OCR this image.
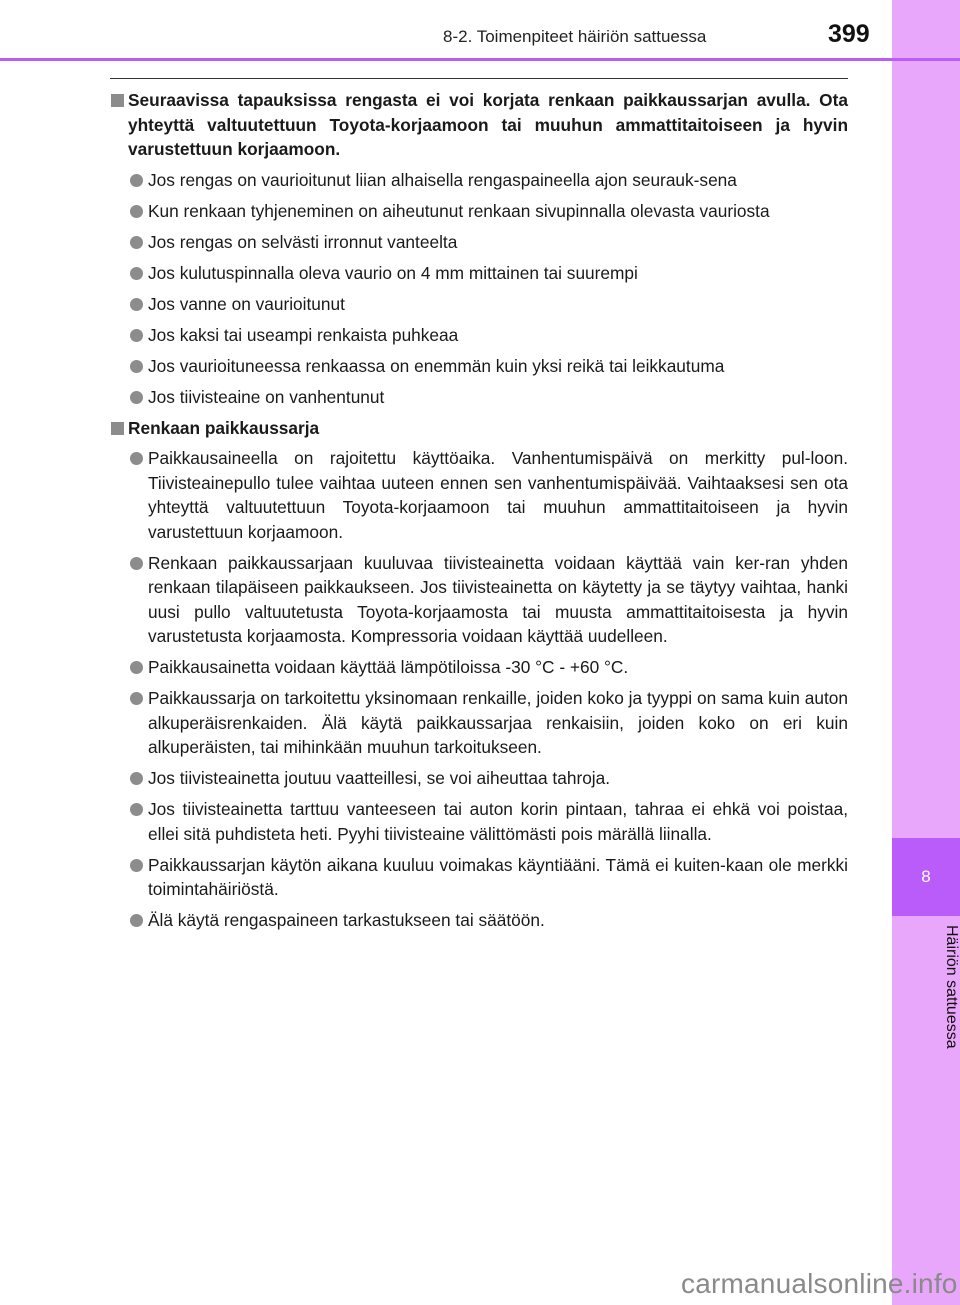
8
Häiriön sattuessa
8-2. Toimenpiteet häiriön sattuessa	399
Seuraavissa tapauksissa rengasta ei voi korjata renkaan paikkaussarjan avulla. Ota yhteyttä valtuutettuun Toyota-korjaamoon tai muuhun ammattitaitoiseen ja hyvin varustettuun korjaamoon.
Jos rengas on vaurioitunut liian alhaisella rengaspaineella ajon seurauk-sena
Kun renkaan tyhjeneminen on aiheutunut renkaan sivupinnalla olevasta vauriosta
Jos rengas on selvästi irronnut vanteelta
Jos kulutuspinnalla oleva vaurio on 4 mm mittainen tai suurempi
Jos vanne on vaurioitunut
Jos kaksi tai useampi renkaista puhkeaa
Jos vaurioituneessa renkaassa on enemmän kuin yksi reikä tai leikkautuma
Jos tiivisteaine on vanhentunut
Renkaan paikkaussarja
Paikkausaineella on rajoitettu käyttöaika. Vanhentumispäivä on merkitty pul-loon. Tiivisteainepullo tulee vaihtaa uuteen ennen sen vanhentumispäivää. Vaihtaaksesi sen ota yhteyttä valtuutettuun Toyota-korjaamoon tai muuhun ammattitaitoiseen ja hyvin varustettuun korjaamoon.
Renkaan paikkaussarjaan kuuluvaa tiivisteainetta voidaan käyttää vain ker-ran yhden renkaan tilapäiseen paikkaukseen. Jos tiivisteainetta on käytetty ja se täytyy vaihtaa, hanki uusi pullo valtuutetusta Toyota-korjaamosta tai muusta ammattitaitoisesta ja hyvin varustetusta korjaamosta. Kompressoria voidaan käyttää uudelleen.
Paikkausainetta voidaan käyttää lämpötiloissa -30 °C - +60 °C.
Paikkaussarja on tarkoitettu yksinomaan renkaille, joiden koko ja tyyppi on sama kuin auton alkuperäisrenkaiden. Älä käytä paikkaussarjaa renkaisiin, joiden koko on eri kuin alkuperäisten, tai mihinkään muuhun tarkoitukseen.
Jos tiivisteainetta joutuu vaatteillesi, se voi aiheuttaa tahroja.
Jos tiivisteainetta tarttuu vanteeseen tai auton korin pintaan, tahraa ei ehkä voi poistaa, ellei sitä puhdisteta heti. Pyyhi tiivisteaine välittömästi pois märällä liinalla.
Paikkaussarjan käytön aikana kuuluu voimakas käyntiääni. Tämä ei kuiten-kaan ole merkki toimintahäiriöstä.
Älä käytä rengaspaineen tarkastukseen tai säätöön.
carmanualsonline.info
